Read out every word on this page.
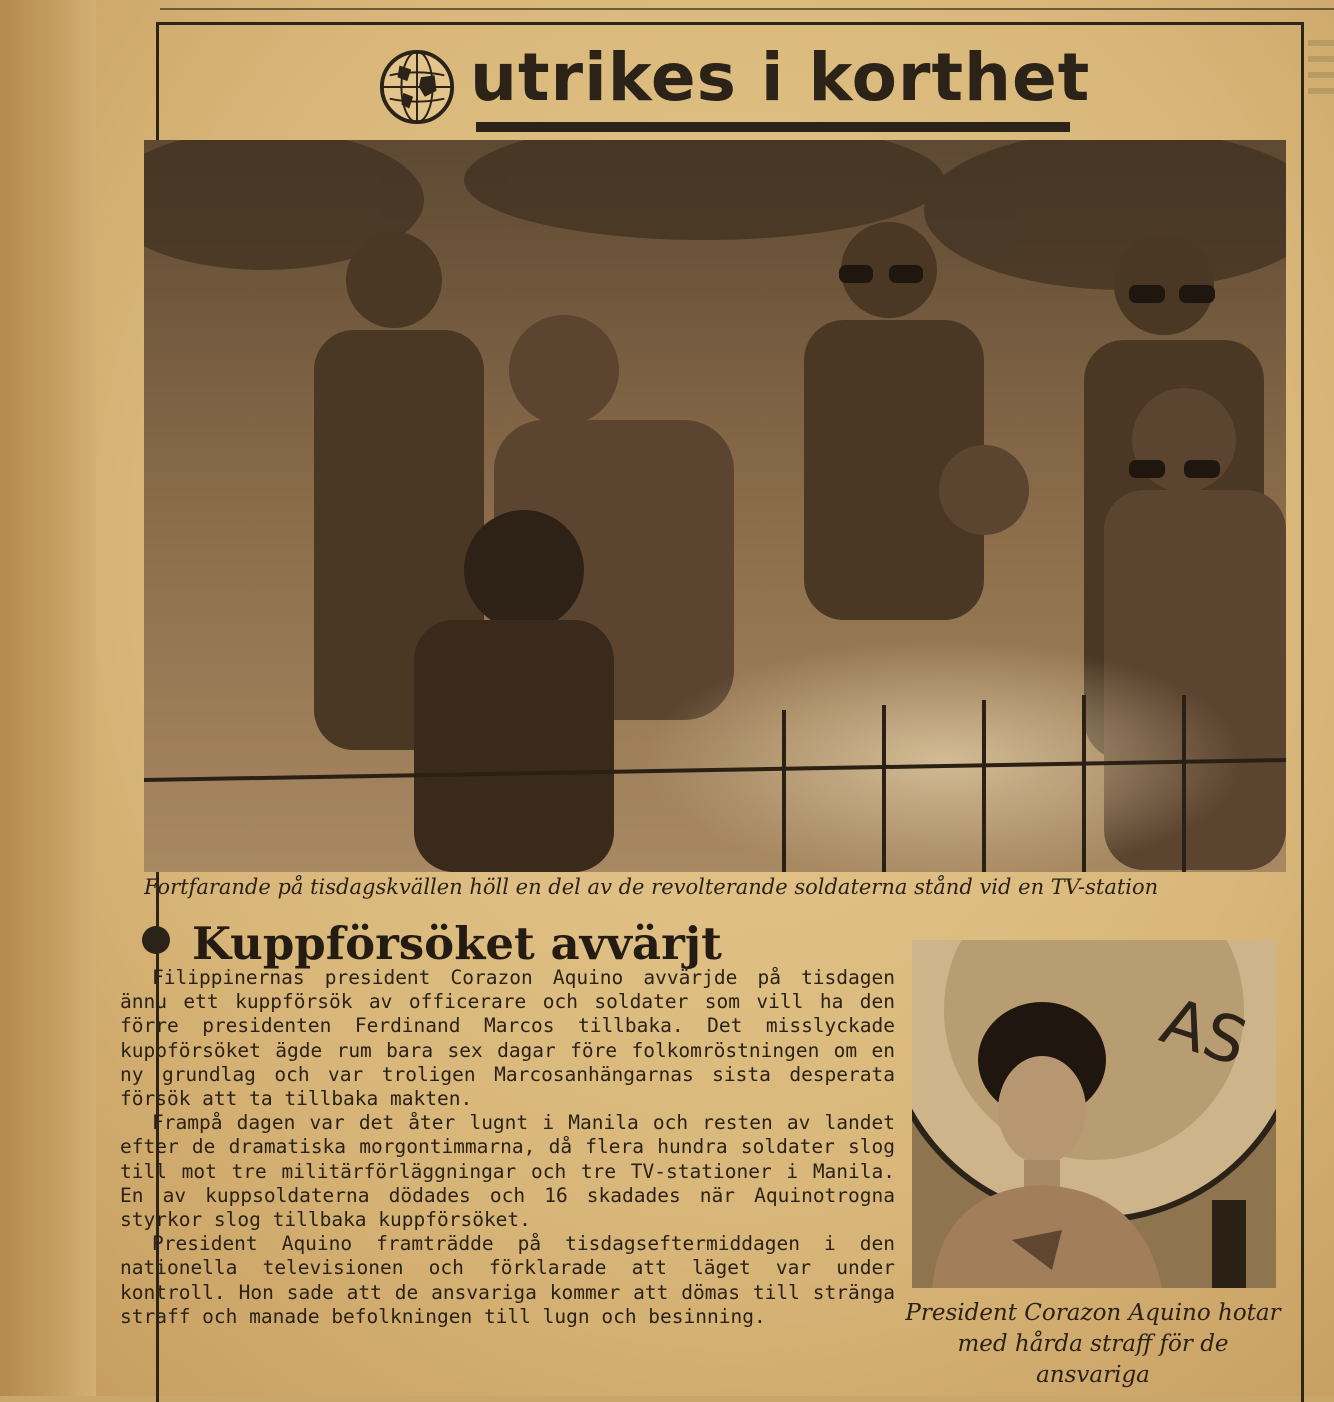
utrikes i korthet
Fortfarande på tisdagskvällen höll en del av de revolterande soldaterna stånd vid en TV-station
Kuppförsöket avvärjt

Filippinernas president Corazon Aquino avvärjde på tisdagen ännu ett kuppförsök av officerare och soldater som vill ha den förre presidenten Ferdinand Marcos tillbaka. Det misslyckade kuppförsöket ägde rum bara sex dagar före folkomröstningen om en ny grundlag och var troligen Marcosanhängarnas sista desperata försök att ta tillbaka makten.

Frampå dagen var det åter lugnt i Manila och resten av landet efter de dramatiska morgontimmarna, då flera hundra soldater slog till mot tre militärförläggningar och tre TV-stationer i Manila. En av kuppsoldaterna dödades och 16 skadades när Aquinotrogna styrkor slog tillbaka kuppförsöket.

President Aquino framträdde på tisdagseftermiddagen i den nationella televisionen och förklarade att läget var under kontroll. Hon sade att de ansvariga kommer att dömas till stränga straff och manade befolkningen till lugn och besinning.

AS
President Corazon Aquino hotar med hårda straff för de ansvariga
